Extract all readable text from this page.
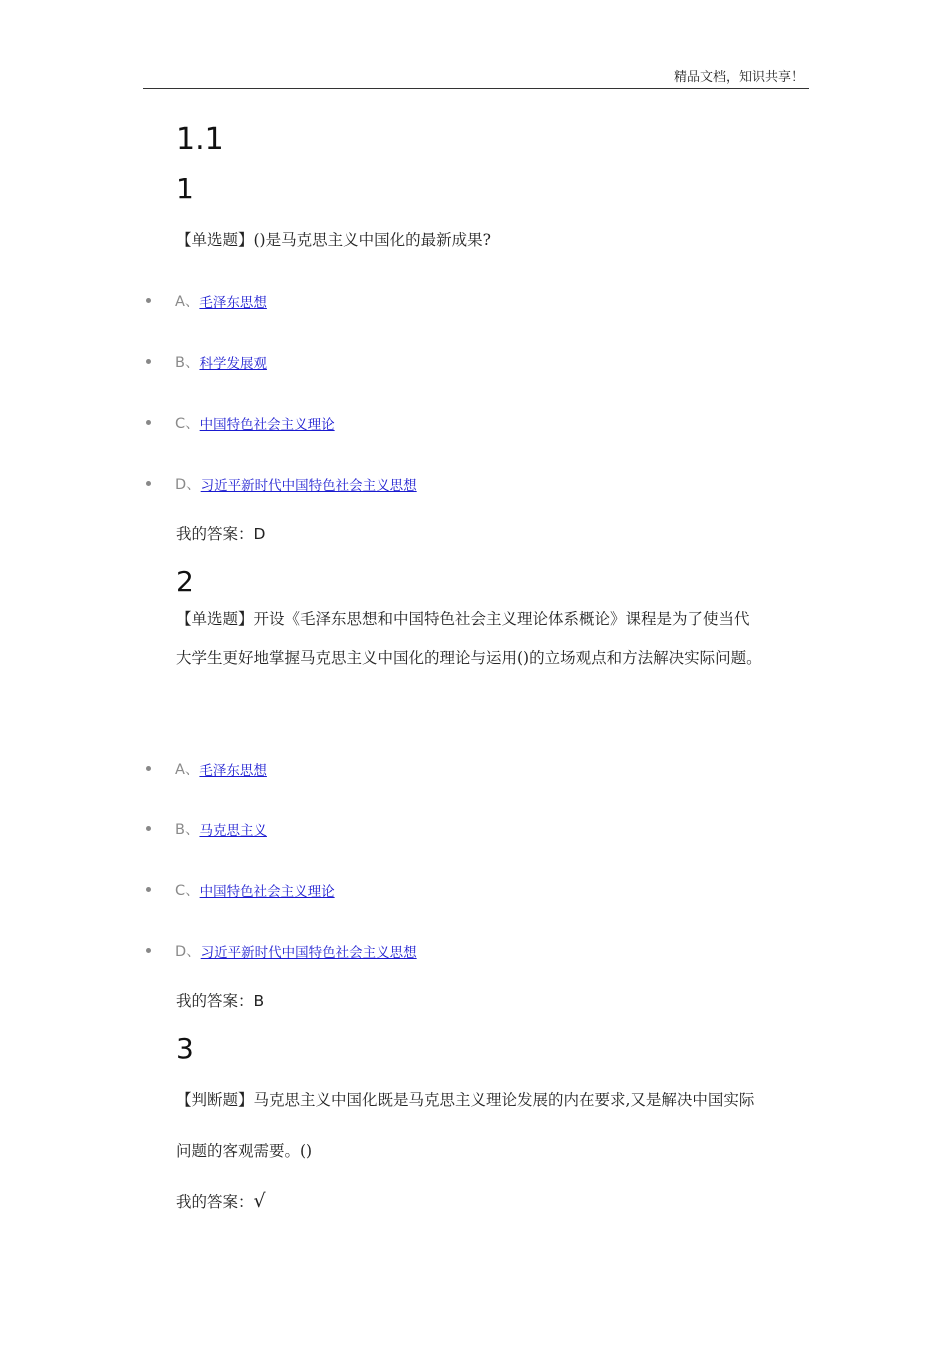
精品文档，知识共享！
1.1
1
【单选题】()是马克思主义中国化的最新成果?
A、 毛泽东思想
B、 科学发展观
C、 中国特色社会主义理论
D、 习近平新时代中国特色社会主义思想
我的答案：D
2
【单选题】开设《毛泽东思想和中国特色社会主义理论体系概论》课程是为了使当代
大学生更好地掌握马克思主义中国化的理论与运用()的立场观点和方法解决实际问题。
A、 毛泽东思想
B、 马克思主义
C、 中国特色社会主义理论
D、 习近平新时代中国特色社会主义思想
我的答案：B
3
【判断题】马克思主义中国化既是马克思主义理论发展的内在要求,又是解决中国实际
问题的客观需要。()
我的答案：√
